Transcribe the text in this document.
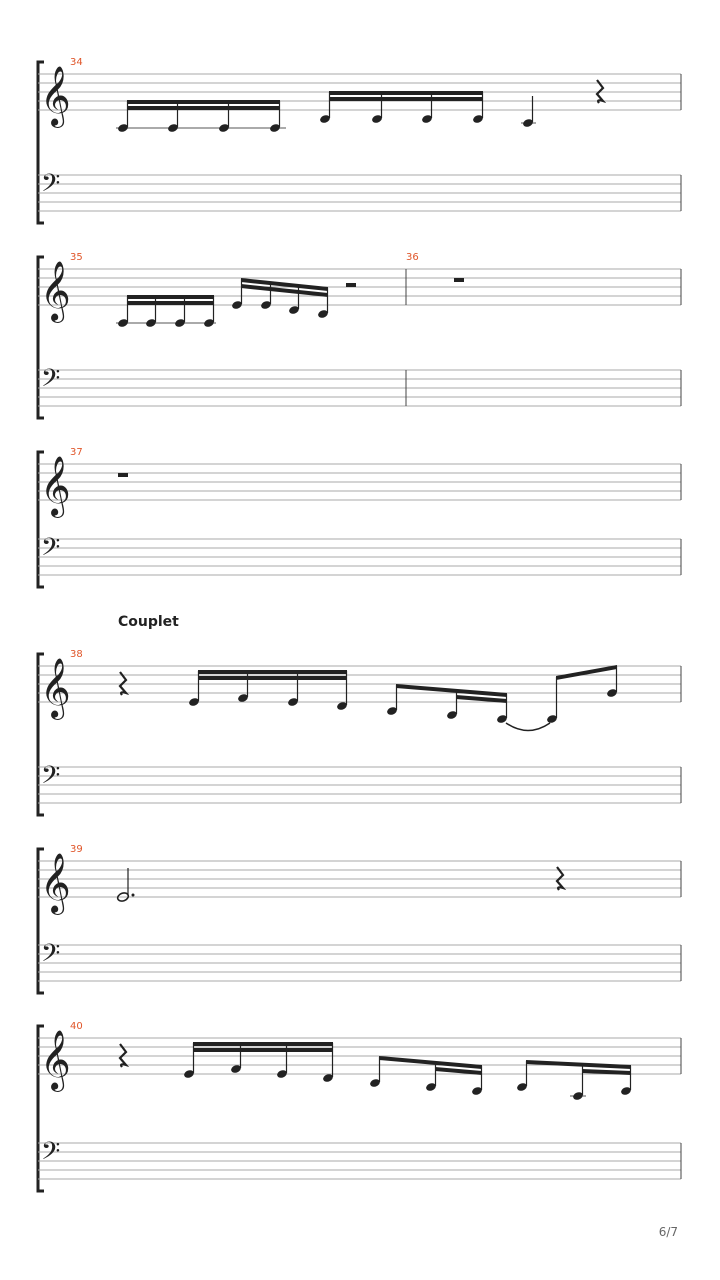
34
𝄞
𝄢
35	36
𝄞
𝄢
37
𝄞
𝄢
Couplet
38
𝄞
𝄢
39
𝄞
𝄢
40
𝄞
𝄢
6/7
